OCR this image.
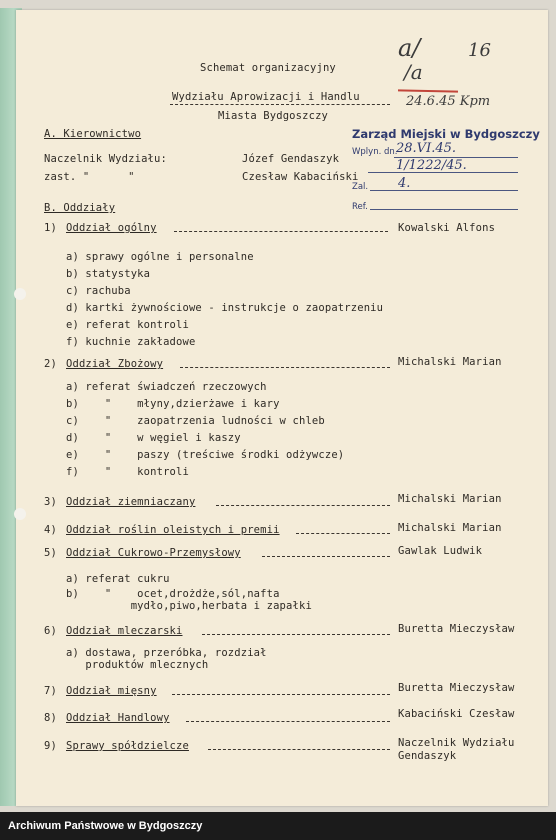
a/	16
/a
24.6.45 Kpm
Schemat organizacyjny
Wydziału Aprowizacji i Handlu
Miasta Bydgoszczy
Zarząd Miejski w Bydgoszczy
Wplyn. dn.
28.VI.45.
1/1222/45.
Zal. 4.
Ref.
A. Kierownictwo
Naczelnik Wydziału:	Józef Gendaszyk
zast. "      "	Czesław Kabaciński
B. Oddziały
1) Oddział ogólny	Kowalski Alfons
a) sprawy ogólne i personalne
b) statystyka
c) rachuba
d) kartki żywnościowe - instrukcje o zaopatrzeniu
e) referat kontroli
f) kuchnie zakładowe
2) Oddział Zbożowy	Michalski Marian
a) referat świadczeń rzeczowych
b)    "    młyny,dzierżawe i kary
c)    "    zaopatrzenia ludności w chleb
d)    "    w węgiel i kaszy
e)    "    paszy (treściwe środki odżywcze)
f)    "    kontroli
3) Oddział ziemniaczany	Michalski Marian
4) Oddział roślin oleistych i premii	Michalski Marian
5) Oddział Cukrowo-Przemysłowy	Gawlak Ludwik
a) referat cukru
b)    "    ocet,drożdże,sól,nafta
mydło,piwo,herbata i zapałki
6) Oddział mleczarski	Buretta Mieczysław
a) dostawa, przeróbka, rozdział
produktów mlecznych
7) Oddział mięsny	Buretta Mieczysław
8) Oddział Handlowy	Kabaciński Czesław
9) Sprawy spółdzielcze	Naczelnik Wydziału
Gendaszyk
Archiwum Państwowe w Bydgoszczy
